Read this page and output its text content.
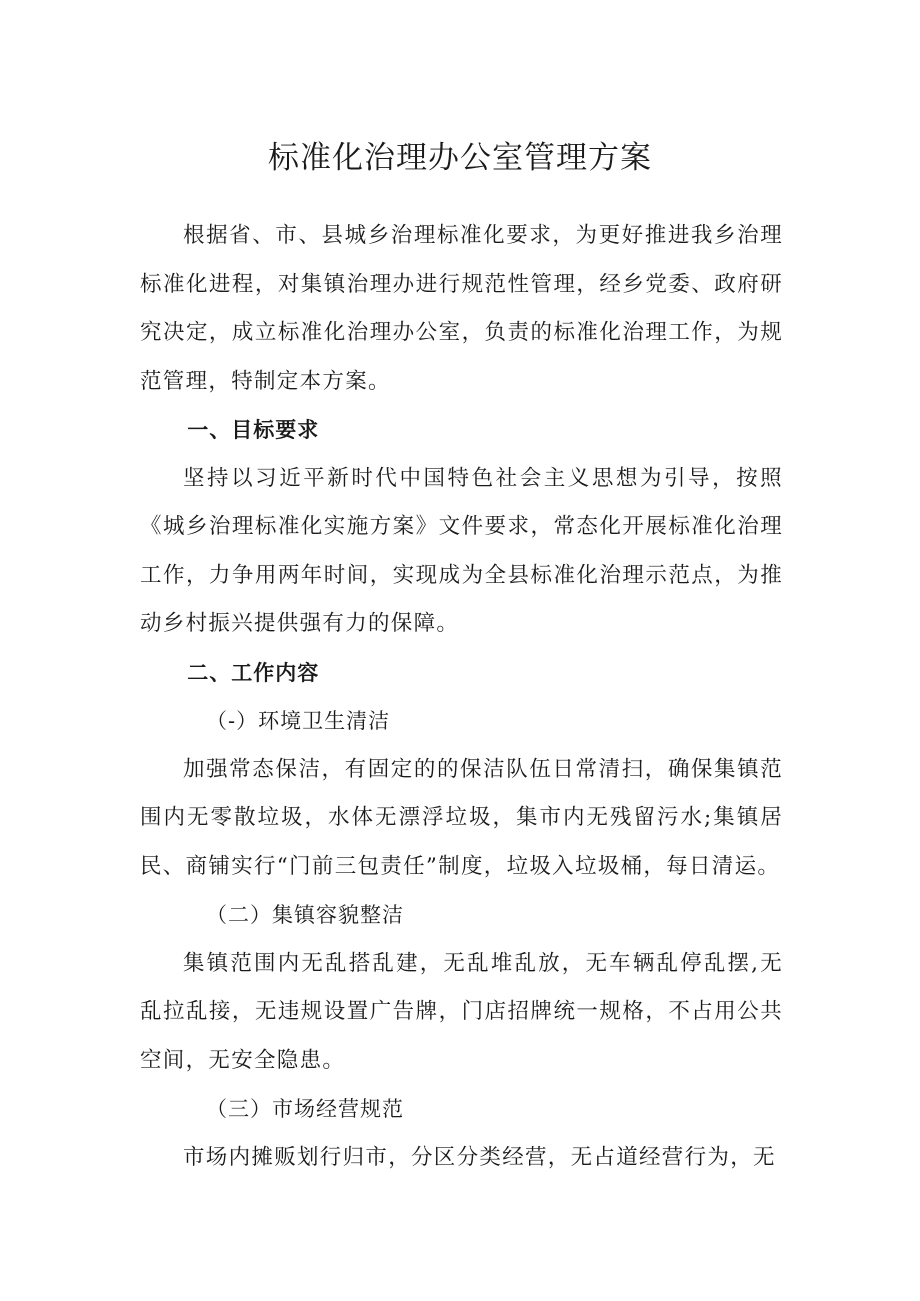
标准化治理办公室管理方案

根据省、市、县城乡治理标准化要求，为更好推进我乡治理标准化进程，对集镇治理办进行规范性管理，经乡党委、政府研究决定，成立标准化治理办公室，负责的标准化治理工作，为规范管理，特制定本方案。

一、目标要求

坚持以习近平新时代中国特色社会主义思想为引导，按照《城乡治理标准化实施方案》文件要求，常态化开展标准化治理工作，力争用两年时间，实现成为全县标准化治理示范点，为推动乡村振兴提供强有力的保障。

二、工作内容

（-）环境卫生清洁

加强常态保洁，有固定的的保洁队伍日常清扫，确保集镇范围内无零散垃圾，水体无漂浮垃圾，集市内无残留污水;集镇居民、商铺实行“门前三包责任”制度，垃圾入垃圾桶，每日清运。

（二）集镇容貌整洁

集镇范围内无乱搭乱建，无乱堆乱放，无车辆乱停乱摆,无乱拉乱接，无违规设置广告牌，门店招牌统一规格，不占用公共空间，无安全隐患。

（三）市场经营规范

市场内摊贩划行归市，分区分类经营，无占道经营行为，无
